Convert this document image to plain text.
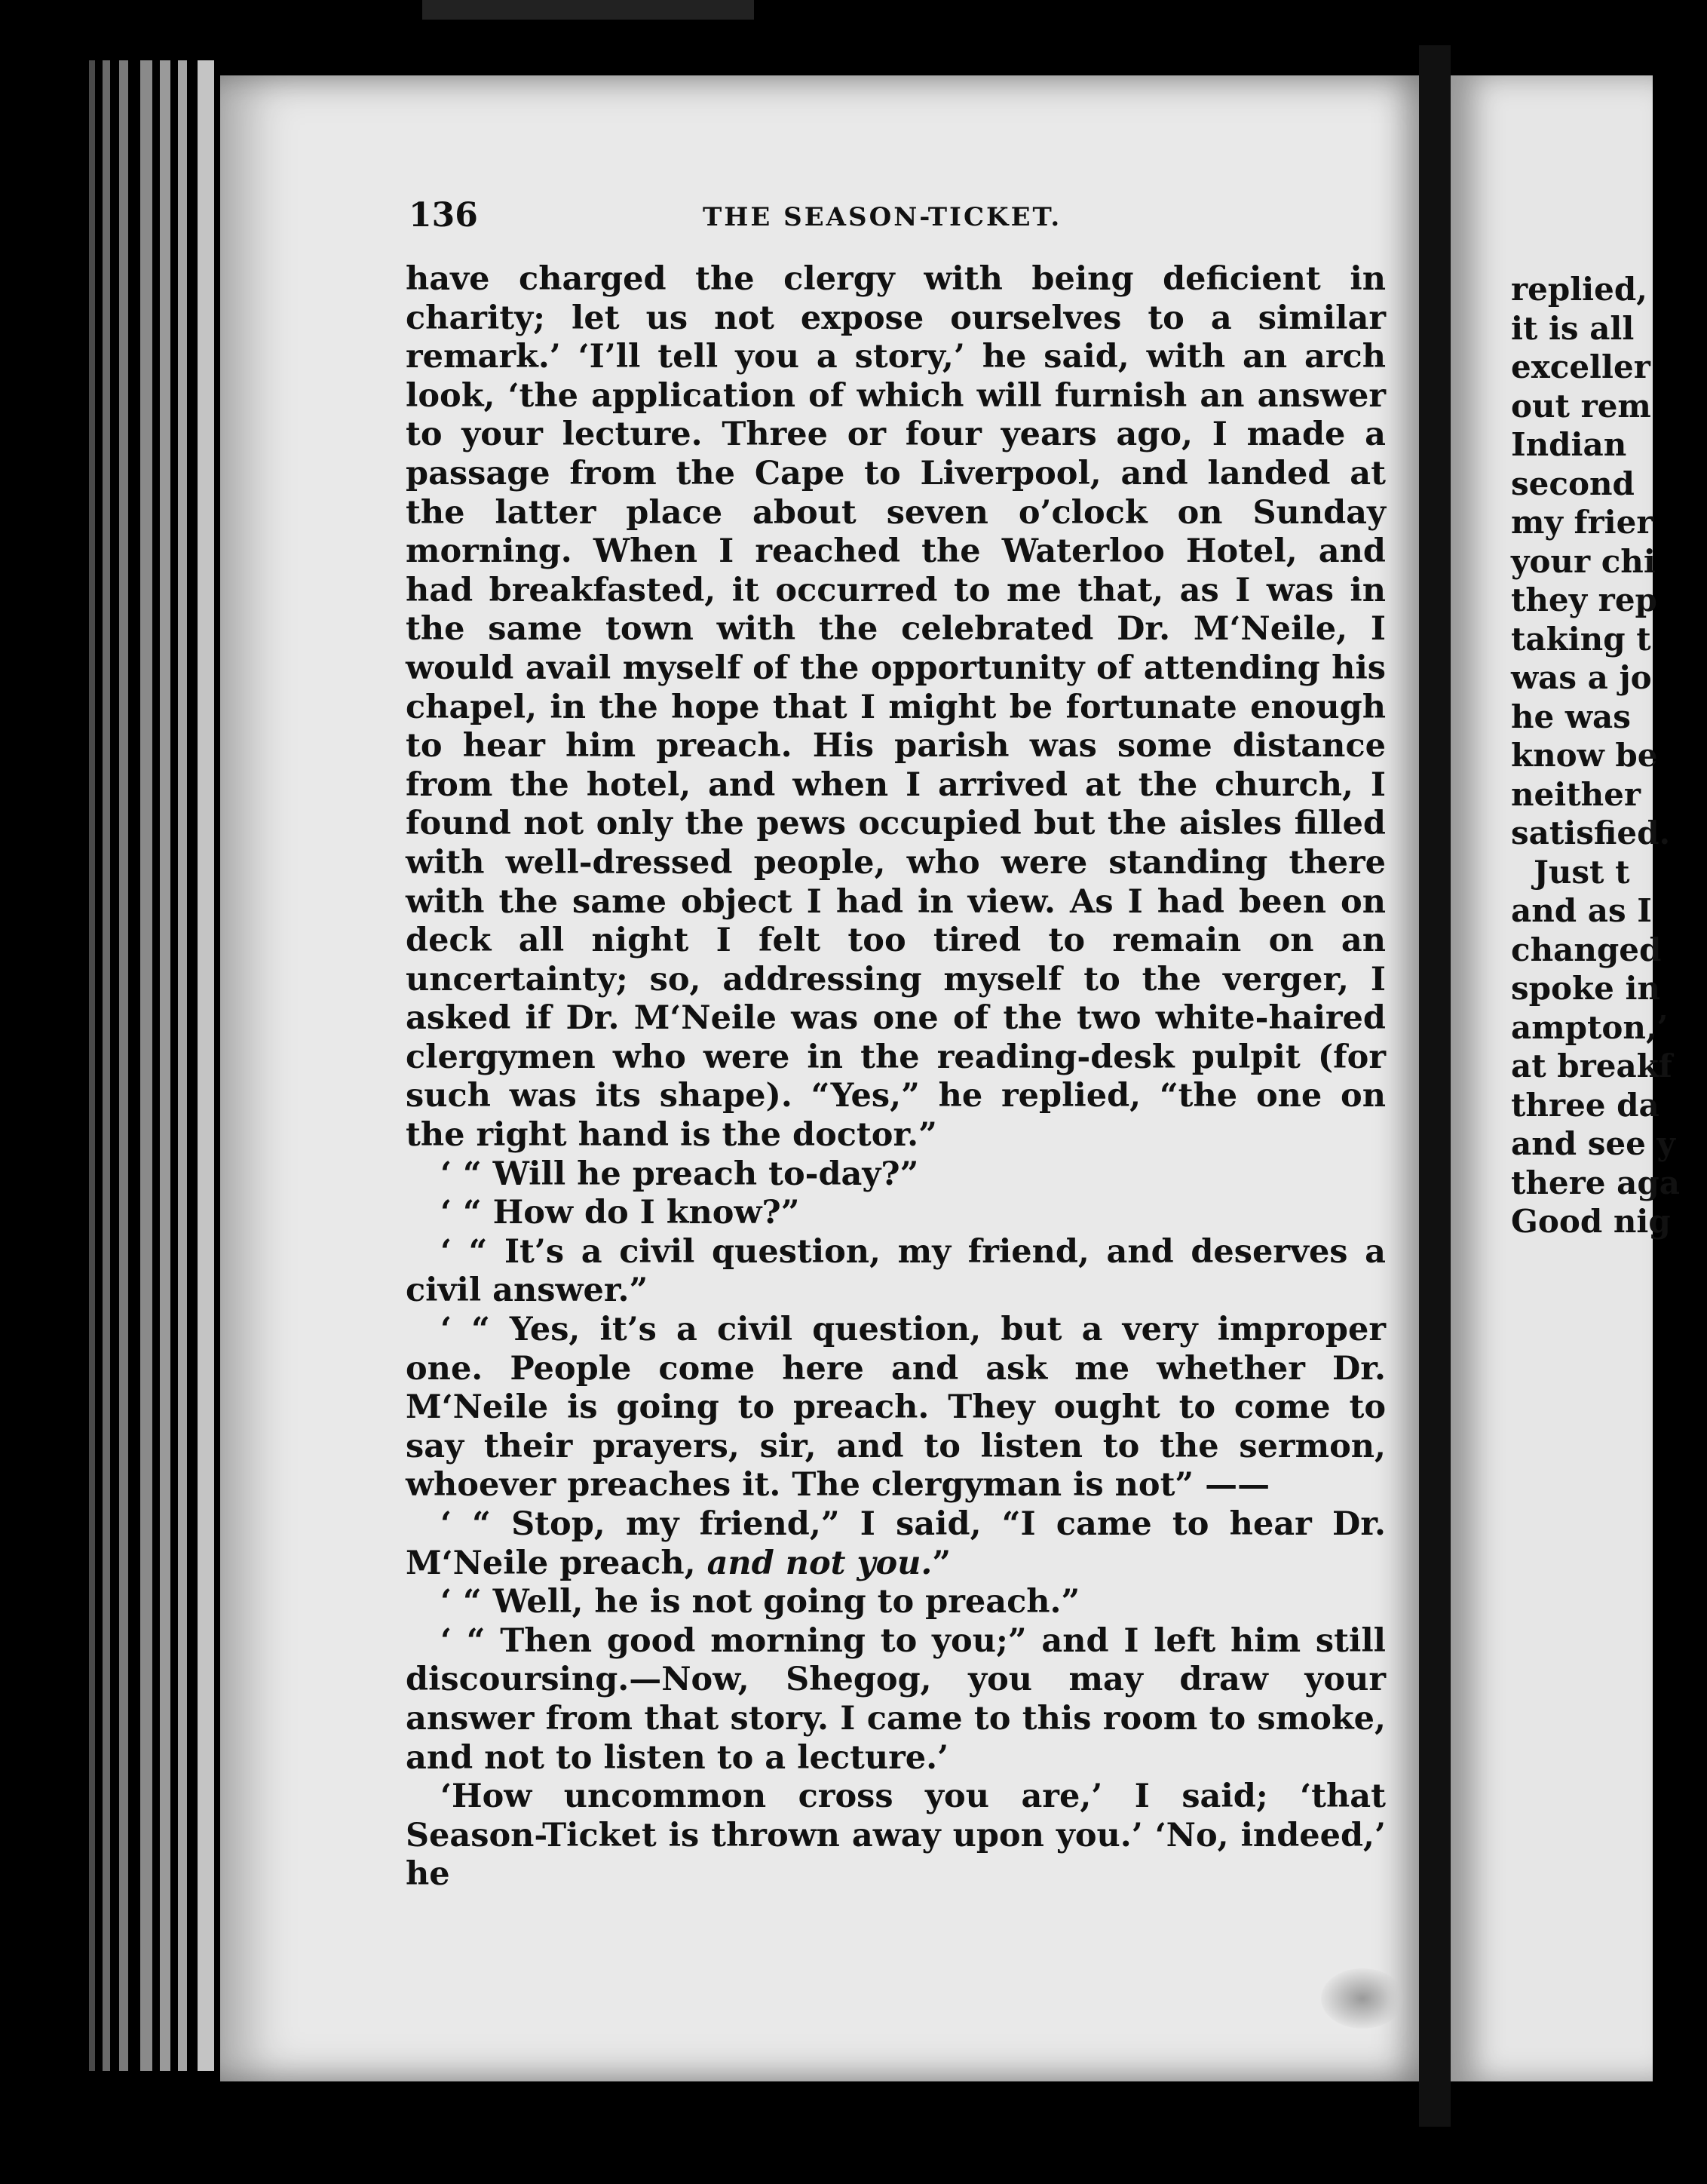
136	THE SEASON-TICKET.

have charged the clergy with being deficient in charity; let us not expose ourselves to a similar remark.’ ‘I’ll tell you a story,’ he said, with an arch look, ‘the application of which will furnish an answer to your lecture. Three or four years ago, I made a passage from the Cape to Liverpool, and landed at the latter place about seven o’clock on Sunday morning. When I reached the Waterloo Hotel, and had breakfasted, it occurred to me that, as I was in the same town with the celebrated Dr. M‘Neile, I would avail myself of the opportunity of attending his chapel, in the hope that I might be fortunate enough to hear him preach. His parish was some distance from the hotel, and when I arrived at the church, I found not only the pews occupied but the aisles filled with well-dressed people, who were standing there with the same object I had in view. As I had been on deck all night I felt too tired to remain on an uncertainty; so, addressing myself to the verger, I asked if Dr. M‘Neile was one of the two white-haired clergymen who were in the reading-desk pulpit (for such was its shape). “Yes,” he replied, “the one on the right hand is the doctor.”

‘ “ Will he preach to-day?”

‘ “ How do I know?”

‘ “ It’s a civil question, my friend, and deserves a civil answer.”

‘ “ Yes, it’s a civil question, but a very improper one. People come here and ask me whether Dr. M‘Neile is going to preach. They ought to come to say their prayers, sir, and to listen to the sermon, whoever preaches it. The clergyman is not” ——

‘ “ Stop, my friend,” I said, “I came to hear Dr. M‘Neile preach, and not you.”

‘ “ Well, he is not going to preach.”

‘ “ Then good morning to you;” and I left him still discoursing.—Now, Shegog, you may draw your answer from that story. I came to this room to smoke, and not to listen to a lecture.’

‘How uncommon cross you are,’ I said; ‘that Season-Ticket is thrown away upon you.’ ‘No, indeed,’ he

replied,
it is all
exceller
out rem
Indian
second
my frier
your chi
they rep
taking t
was a jo
he was
know be
neither
satisfied.
Just t
and as I
changed
spoke in
ampton,’
at breakf
three da
and see y
there aga
Good nig
